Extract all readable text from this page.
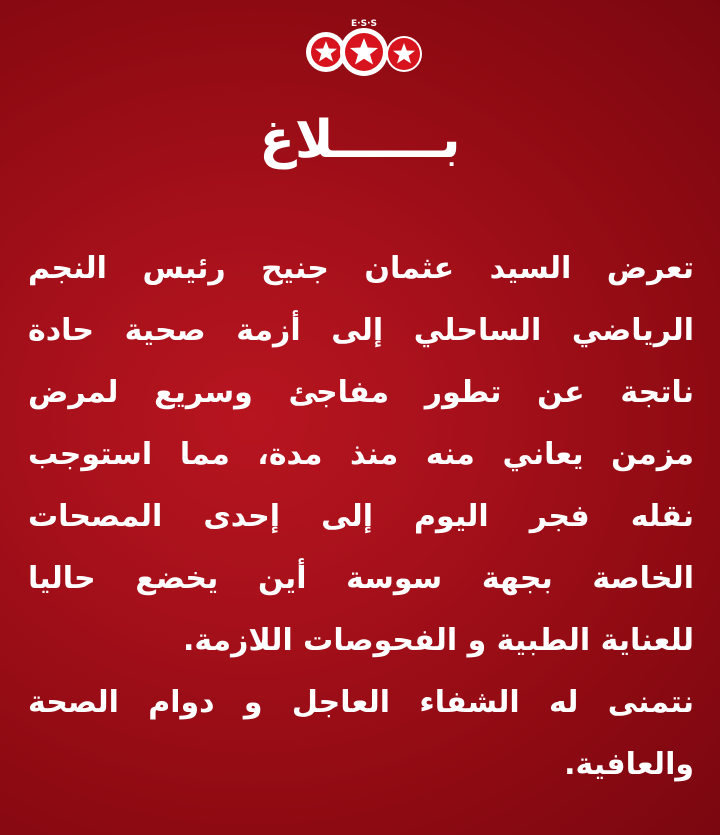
E·S·S
بــــــلاغ

تعرض السيد عثمان جنيح رئيس النجم

الرياضي الساحلي إلى أزمة صحية حادة

ناتجة عن تطور مفاجئ وسريع لمرض

مزمن يعاني منه منذ مدة، مما استوجب

نقله فجر اليوم إلى إحدى المصحات

الخاصة بجهة سوسة أين يخضع حاليا

للعناية الطبية و الفحوصات اللازمة.

نتمنى له الشفاء العاجل و دوام الصحة

والعافية.
